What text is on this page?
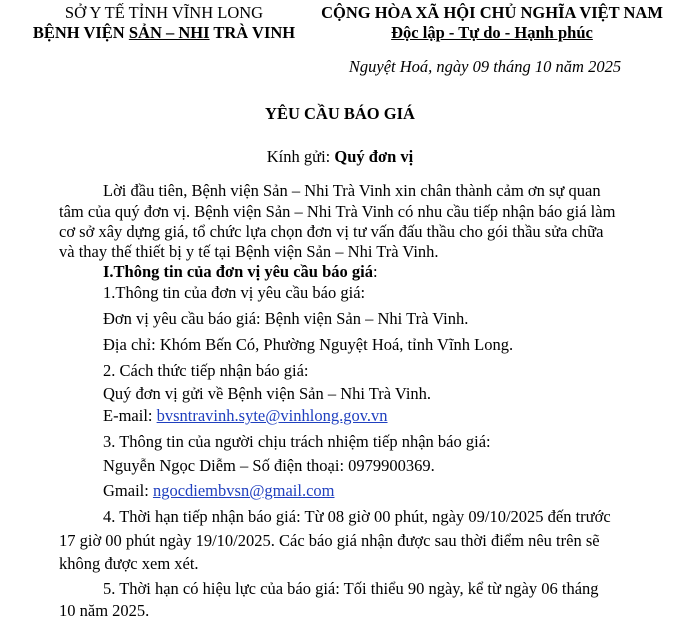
SỞ Y TẾ TỈNH VĨNH LONG
BỆNH VIỆN SẢN – NHI TRÀ VINH
CỘNG HÒA XÃ HỘI CHỦ NGHĨA VIỆT NAM
Độc lập - Tự do - Hạnh phúc
Nguyệt Hoá, ngày 09 tháng 10 năm 2025
YÊU CẦU BÁO GIÁ
Kính gửi: Quý đơn vị
Lời đầu tiên, Bệnh viện Sản – Nhi Trà Vinh xin chân thành cảm ơn sự quan
tâm của quý đơn vị. Bệnh viện Sản – Nhi Trà Vinh có nhu cầu tiếp nhận báo giá làm
cơ sở xây dựng giá, tổ chức lựa chọn đơn vị tư vấn đấu thầu cho gói thầu sửa chữa
và thay thế thiết bị y tế tại Bệnh viện Sản – Nhi Trà Vinh.
I.Thông tin của đơn vị yêu cầu báo giá:
1.Thông tin của đơn vị yêu cầu báo giá:
Đơn vị yêu cầu báo giá: Bệnh viện Sản – Nhi Trà Vinh.
Địa chỉ: Khóm Bến Có, Phường Nguyệt Hoá, tỉnh Vĩnh Long.
2. Cách thức tiếp nhận báo giá:
Quý đơn vị gửi về Bệnh viện Sản – Nhi Trà Vinh.
E-mail: bvsntravinh.syte@vinhlong.gov.vn
3. Thông tin của người chịu trách nhiệm tiếp nhận báo giá:
Nguyễn Ngọc Diễm – Số điện thoại: 0979900369.
Gmail: ngocdiembvsn@gmail.com
4. Thời hạn tiếp nhận báo giá: Từ 08 giờ 00 phút, ngày 09/10/2025 đến trước
17 giờ 00 phút ngày 19/10/2025. Các báo giá nhận được sau thời điểm nêu trên sẽ
không được xem xét.
5. Thời hạn có hiệu lực của báo giá: Tối thiểu 90 ngày, kể từ ngày 06 tháng
10 năm 2025.
